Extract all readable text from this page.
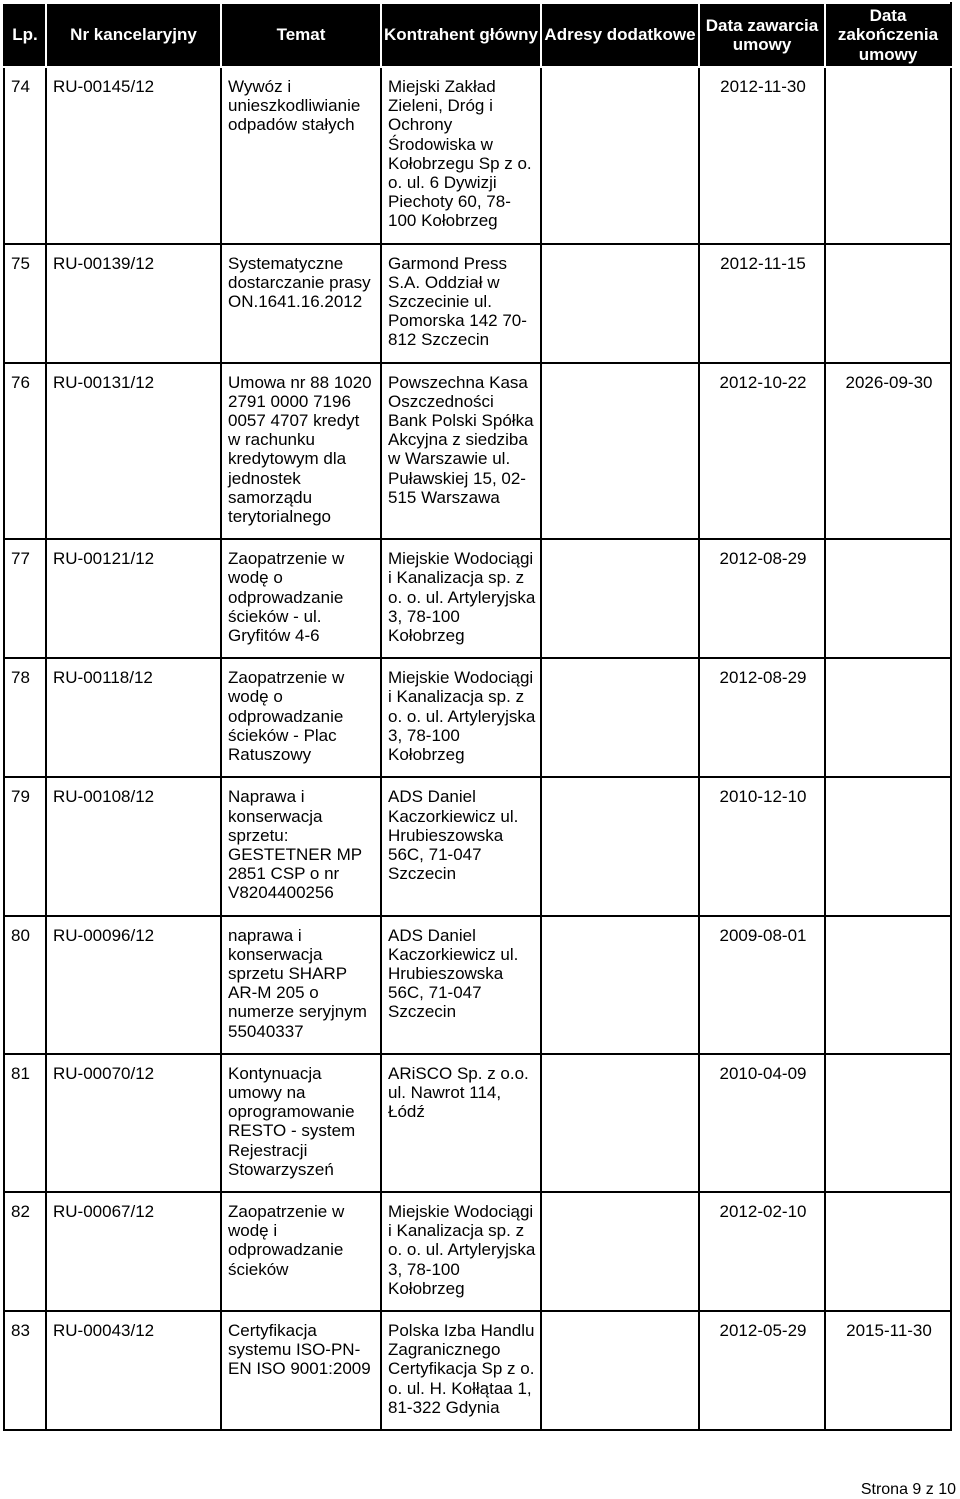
Lp.	Nr kancelaryjny	Temat	Kontrahent główny	Adresy dodatkowe	Data zawarcia umowy	Data zakończenia umowy
74	RU-00145/12	Wywóz i unieszkodliwianie odpadów stałych	Miejski Zakład Zieleni, Dróg i Ochrony Środowiska w Kołobrzegu Sp z o. o. ul. 6 Dywizji Piechoty 60, 78-100 Kołobrzeg		2012-11-30	
75	RU-00139/12	Systematyczne dostarczanie prasy ON.1641.16.2012	Garmond Press S.A. Oddział w Szczecinie ul. Pomorska 142 70-812 Szczecin		2012-11-15	
76	RU-00131/12	Umowa nr 88 1020 2791 0000 7196 0057 4707 kredyt w rachunku kredytowym dla jednostek samorządu terytorialnego	Powszechna Kasa Oszczedności Bank Polski Spółka Akcyjna z siedziba w Warszawie ul. Puławskiej 15, 02-515 Warszawa		2012-10-22	2026-09-30
77	RU-00121/12	Zaopatrzenie w wodę o odprowadzanie ścieków - ul. Gryfitów 4-6	Miejskie Wodociągi i Kanalizacja sp. z o. o. ul. Artyleryjska 3, 78-100 Kołobrzeg		2012-08-29	
78	RU-00118/12	Zaopatrzenie w wodę o odprowadzanie ścieków - Plac Ratuszowy	Miejskie Wodociągi i Kanalizacja sp. z o. o. ul. Artyleryjska 3, 78-100 Kołobrzeg		2012-08-29	
79	RU-00108/12	Naprawa i konserwacja sprzetu: GESTETNER MP 2851 CSP o nr V8204400256	ADS Daniel Kaczorkiewicz ul. Hrubieszowska 56C, 71-047 Szczecin		2010-12-10	
80	RU-00096/12	naprawa i konserwacja sprzetu SHARP AR-M 205 o numerze seryjnym 55040337	ADS Daniel Kaczorkiewicz ul. Hrubieszowska 56C, 71-047 Szczecin		2009-08-01	
81	RU-00070/12	Kontynuacja umowy na oprogramowanie RESTO - system Rejestracji Stowarzyszeń	ARiSCO Sp. z o.o. ul. Nawrot 114, Łódź		2010-04-09	
82	RU-00067/12	Zaopatrzenie w wodę i odprowadzanie ścieków	Miejskie Wodociągi i Kanalizacja sp. z o. o. ul. Artyleryjska 3, 78-100 Kołobrzeg		2012-02-10	
83	RU-00043/12	Certyfikacja systemu ISO-PN-EN ISO 9001:2009	Polska Izba Handlu Zagranicznego Certyfikacja Sp z o. o. ul. H. Kołłątaa 1, 81-322 Gdynia		2012-05-29	2015-11-30
Strona 9 z 10
